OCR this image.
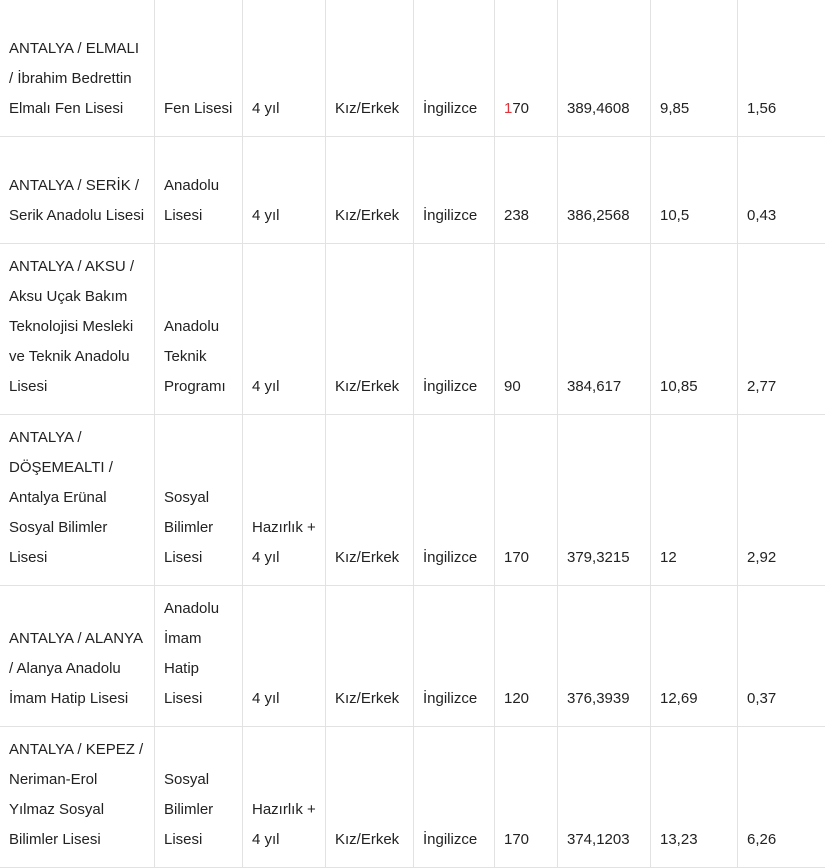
ANTALYA / ELMALI / İbrahim Bedrettin Elmalı Fen Lisesi	Fen Lisesi	4 yıl	Kız/Erkek	İngilizce	170	389,4608	9,85	1,56
ANTALYA / SERİK / Serik Anadolu Lisesi	Anadolu Lisesi	4 yıl	Kız/Erkek	İngilizce	238	386,2568	10,5	0,43
ANTALYA / AKSU / Aksu Uçak Bakım Teknolojisi Mesleki ve Teknik Anadolu Lisesi	Anadolu Teknik Programı	4 yıl	Kız/Erkek	İngilizce	90	384,617	10,85	2,77
ANTALYA / DÖŞEMEALTI / Antalya Erünal Sosyal Bilimler Lisesi	Sosyal Bilimler Lisesi	Hazırlık + 4 yıl	Kız/Erkek	İngilizce	170	379,3215	12	2,92
ANTALYA / ALANYA / Alanya Anadolu İmam Hatip Lisesi	Anadolu İmam Hatip Lisesi	4 yıl	Kız/Erkek	İngilizce	120	376,3939	12,69	0,37
ANTALYA / KEPEZ / Neriman-Erol Yılmaz Sosyal Bilimler Lisesi	Sosyal Bilimler Lisesi	Hazırlık + 4 yıl	Kız/Erkek	İngilizce	170	374,1203	13,23	6,26
